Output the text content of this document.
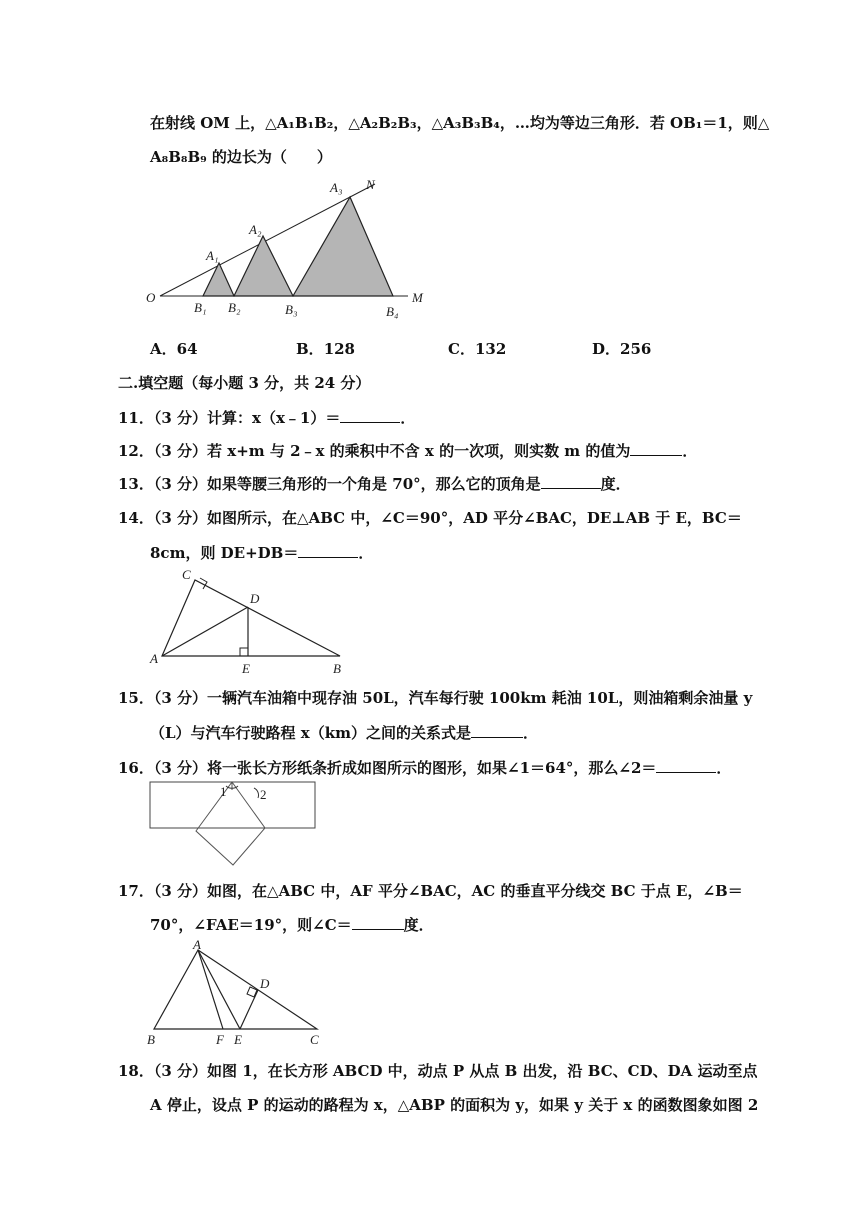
在射线 OM 上，△A₁B₁B₂，△A₂B₂B₃，△A₃B₃B₄，…均为等边三角形．若 OB₁＝1，则△
A₈B₈B₉ 的边长为（　　）
O	M
N
A₁
A₂
A₃
B₁ B₂	B₃	B₄
A．64	B．128	C．132	D．256
二.填空题（每小题 3 分，共 24 分）
11．（3 分）计算：x（x﹣1）＝	．
12．（3 分）若 x+m 与 2﹣x 的乘积中不含 x 的一次项，则实数 m 的值为	．
13．（3 分）如果等腰三角形的一个角是 70°，那么它的顶角是	度．
14．（3 分）如图所示，在△ABC 中，∠C＝90°，AD 平分∠BAC，DE⊥AB 于 E，BC＝
8cm，则 DE+DB＝	．
A
C
D
E	B
15．（3 分）一辆汽车油箱中现存油 50L，汽车每行驶 100km 耗油 10L，则油箱剩余油量 y
（L）与汽车行驶路程 x（km）之间的关系式是	．
16．（3 分）将一张长方形纸条折成如图所示的图形，如果∠1＝64°，那么∠2＝	．
1	2
17．（3 分）如图，在△ABC 中，AF 平分∠BAC，AC 的垂直平分线交 BC 于点 E，∠B＝
70°，∠FAE＝19°，则∠C＝	度．
A
B	F E	C
D
18．（3 分）如图 1，在长方形 ABCD 中，动点 P 从点 B 出发，沿 BC、CD、DA 运动至点
A 停止，设点 P 的运动的路程为 x，△ABP 的面积为 y，如果 y 关于 x 的函数图象如图 2
